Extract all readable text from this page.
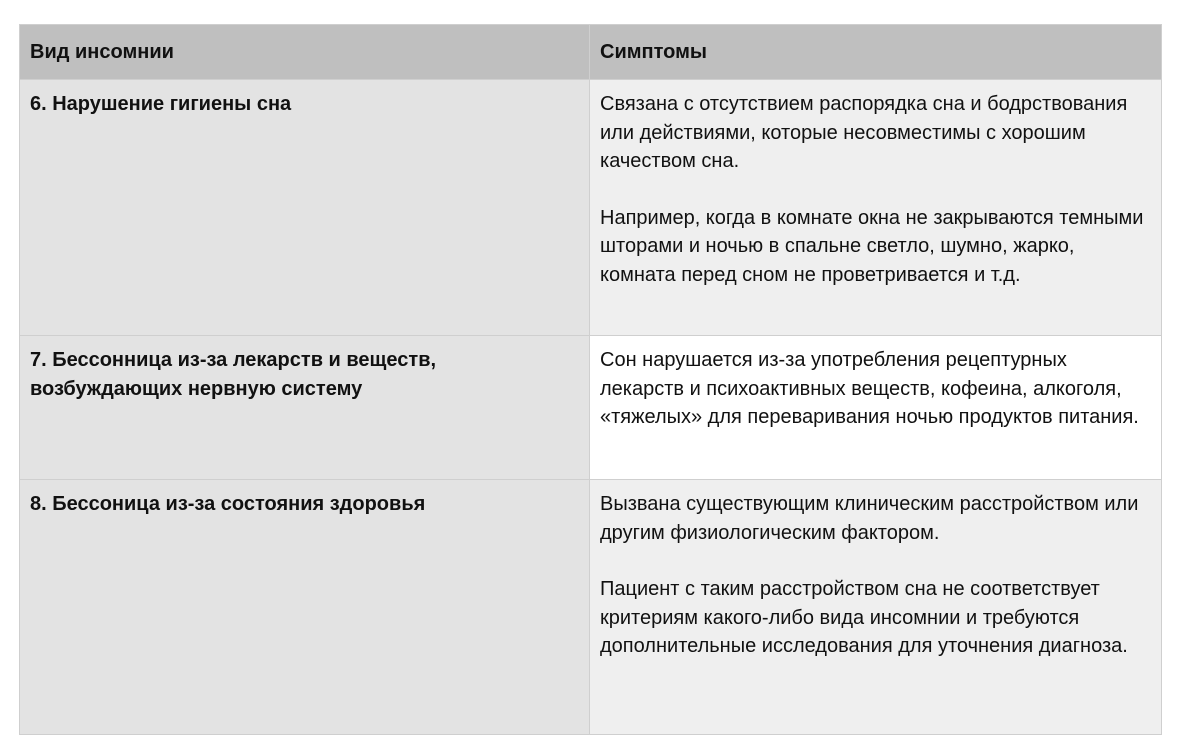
Вид инсомнии	Симптомы
6. Нарушение гигиены сна	Связана с отсутствием распорядка сна и бодрствования или действиями, которые несовместимы с хорошим качеством сна.

Например, когда в комнате окна не закрываются темными шторами и ночью в спальне светло, шумно, жарко, комната перед сном не проветривается и т.д.

7. Бессонница из-за лекарств и веществ, возбуждающих нервную систему	Сон нарушается из-за употребления рецептурных лекарств и психоактивных веществ, кофеина, алкоголя, «тяжелых» для переваривания ночью продуктов питания.

8. Бессоница из-за состояния здоровья	Вызвана существующим клиническим расстройством или другим физиологическим фактором.

Пациент с таким расстройством сна не соответствует критериям какого-либо вида инсомнии и требуются дополнительные исследования для уточнения диагноза.
